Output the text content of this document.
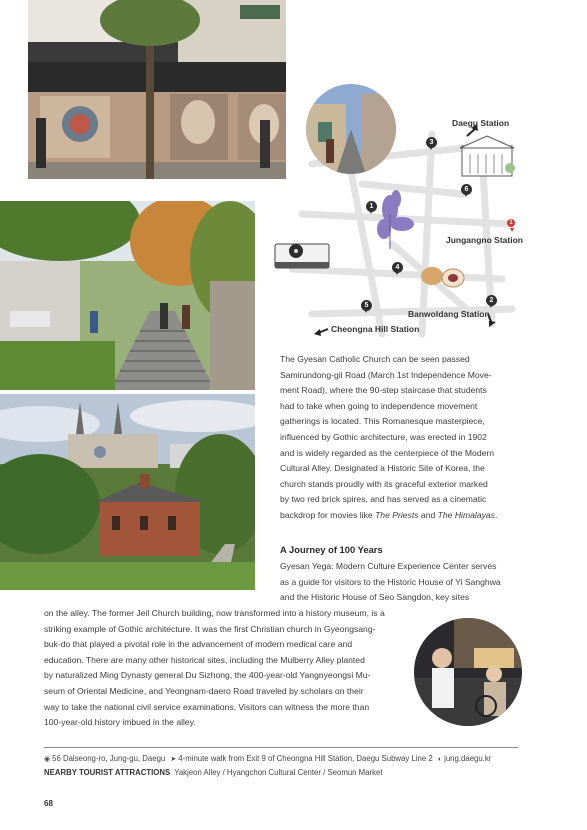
Daegu Station
Jungangno Station
Banwoldang Station
Cheongna Hill Station
1
2
3
4
5
6
1
The Gyesan Catholic Church can be seen passed
Samirundong-gil Road (March 1st Independence Move-
ment Road), where the 90-step staircase that students
had to take when going to independence movement
gatherings is located. This Romanesque masterpiece,
influenced by Gothic architecture, was erected in 1902
and is widely regarded as the centerpiece of the Modern
Cultural Alley. Designated a Historic Site of Korea, the
church stands proudly with its graceful exterior marked
by two red brick spires, and has served as a cinematic
backdrop for movies like The Priests and The Himalayas.
A Journey of 100 Years
Gyesan Yega: Modern Culture Experience Center serves
as a guide for visitors to the Historic House of Yi Sanghwa
and the Historic House of Seo Sangdon, key sites
on the alley. The former Jeil Church building, now transformed into a history museum, is a
striking example of Gothic architecture. It was the first Christian church in Gyeongsang-
buk-do that played a pivotal role in the advancement of modern medical care and
education. There are many other historical sites, including the Mulberry Alley planted
by naturalized Ming Dynasty general Du Sizhong, the 400-year-old Yangnyeongsi Mu-
seum of Oriental Medicine, and Yeongnam-daero Road traveled by scholars on their
way to take the national civil service examinations. Visitors can witness the more than
100-year-old history imbued in the alley.
◉ 56 Dalseong-ro, Jung-gu, Daegu ➤ 4-minute walk from Exit 9 of Cheongna Hill Station, Daegu Subway Line 2 ◐ jung.daegu.kr
NEARBY TOURIST ATTRACTIONS Yakjeon Alley / Hyangchon Cultural Center / Seomun Market
68
